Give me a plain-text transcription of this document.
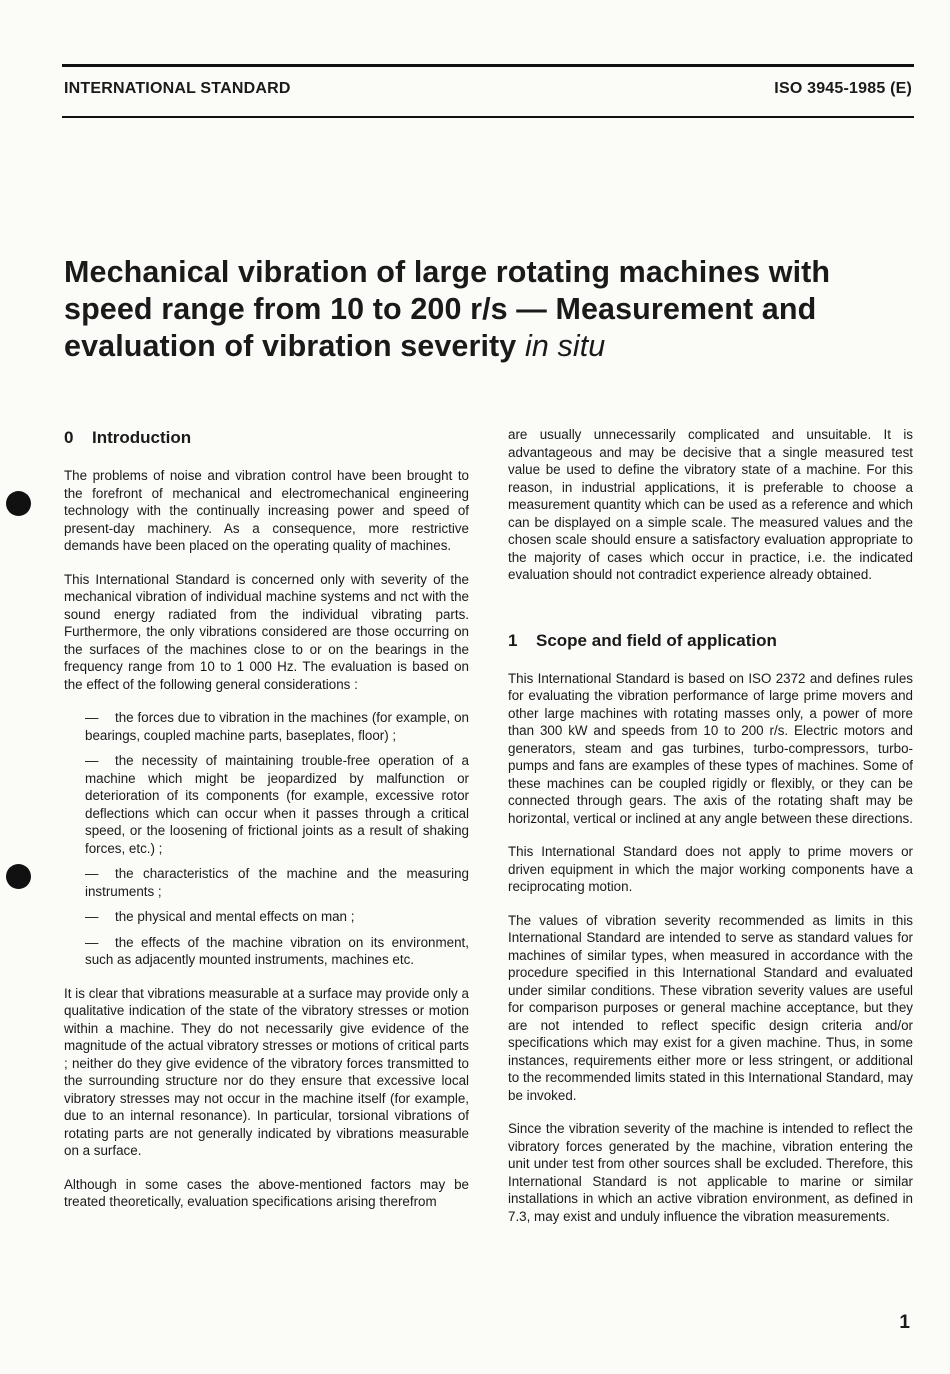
INTERNATIONAL STANDARD	ISO 3945-1985 (E)
Mechanical vibration of large rotating machines with speed range from 10 to 200 r/s — Measurement and evaluation of vibration severity in situ
0 Introduction

The problems of noise and vibration control have been brought to the forefront of mechanical and electromechanical engineering technology with the continually increasing power and speed of present-day machinery. As a consequence, more restrictive demands have been placed on the operating quality of machines.

This International Standard is concerned only with severity of the mechanical vibration of individual machine systems and nct with the sound energy radiated from the individual vibrating parts. Furthermore, the only vibrations considered are those occurring on the surfaces of the machines close to or on the bearings in the frequency range from 10 to 1 000 Hz. The evaluation is based on the effect of the following general considerations :

— the forces due to vibration in the machines (for example, on bearings, coupled machine parts, baseplates, floor) ;
— the necessity of maintaining trouble-free operation of a machine which might be jeopardized by malfunction or deterioration of its components (for example, excessive rotor deflections which can occur when it passes through a critical speed, or the loosening of frictional joints as a result of shaking forces, etc.) ;
— the characteristics of the machine and the measuring instruments ;
— the physical and mental effects on man ;
— the effects of the machine vibration on its environment, such as adjacently mounted instruments, machines etc.

It is clear that vibrations measurable at a surface may provide only a qualitative indication of the state of the vibratory stresses or motion within a machine. They do not necessarily give evidence of the magnitude of the actual vibratory stresses or motions of critical parts ; neither do they give evidence of the vibratory forces transmitted to the surrounding structure nor do they ensure that excessive local vibratory stresses may not occur in the machine itself (for example, due to an internal resonance). In particular, torsional vibrations of rotating parts are not generally indicated by vibrations measurable on a surface.

Although in some cases the above-mentioned factors may be treated theoretically, evaluation specifications arising therefrom

are usually unnecessarily complicated and unsuitable. It is advantageous and may be decisive that a single measured test value be used to define the vibratory state of a machine. For this reason, in industrial applications, it is preferable to choose a measurement quantity which can be used as a reference and which can be displayed on a simple scale. The measured values and the chosen scale should ensure a satisfactory evaluation appropriate to the majority of cases which occur in practice, i.e. the indicated evaluation should not contradict experience already obtained.

1 Scope and field of application

This International Standard is based on ISO 2372 and defines rules for evaluating the vibration performance of large prime movers and other large machines with rotating masses only, a power of more than 300 kW and speeds from 10 to 200 r/s. Electric motors and generators, steam and gas turbines, turbo-compressors, turbo-pumps and fans are examples of these types of machines. Some of these machines can be coupled rigidly or flexibly, or they can be connected through gears. The axis of the rotating shaft may be horizontal, vertical or inclined at any angle between these directions.

This International Standard does not apply to prime movers or driven equipment in which the major working components have a reciprocating motion.

The values of vibration severity recommended as limits in this International Standard are intended to serve as standard values for machines of similar types, when measured in accordance with the procedure specified in this International Standard and evaluated under similar conditions. These vibration severity values are useful for comparison purposes or general machine acceptance, but they are not intended to reflect specific design criteria and/or specifications which may exist for a given machine. Thus, in some instances, requirements either more or less stringent, or additional to the recommended limits stated in this International Standard, may be invoked.

Since the vibration severity of the machine is intended to reflect the vibratory forces generated by the machine, vibration entering the unit under test from other sources shall be excluded. Therefore, this International Standard is not applicable to marine or similar installations in which an active vibration environment, as defined in 7.3, may exist and unduly influence the vibration measurements.

1
